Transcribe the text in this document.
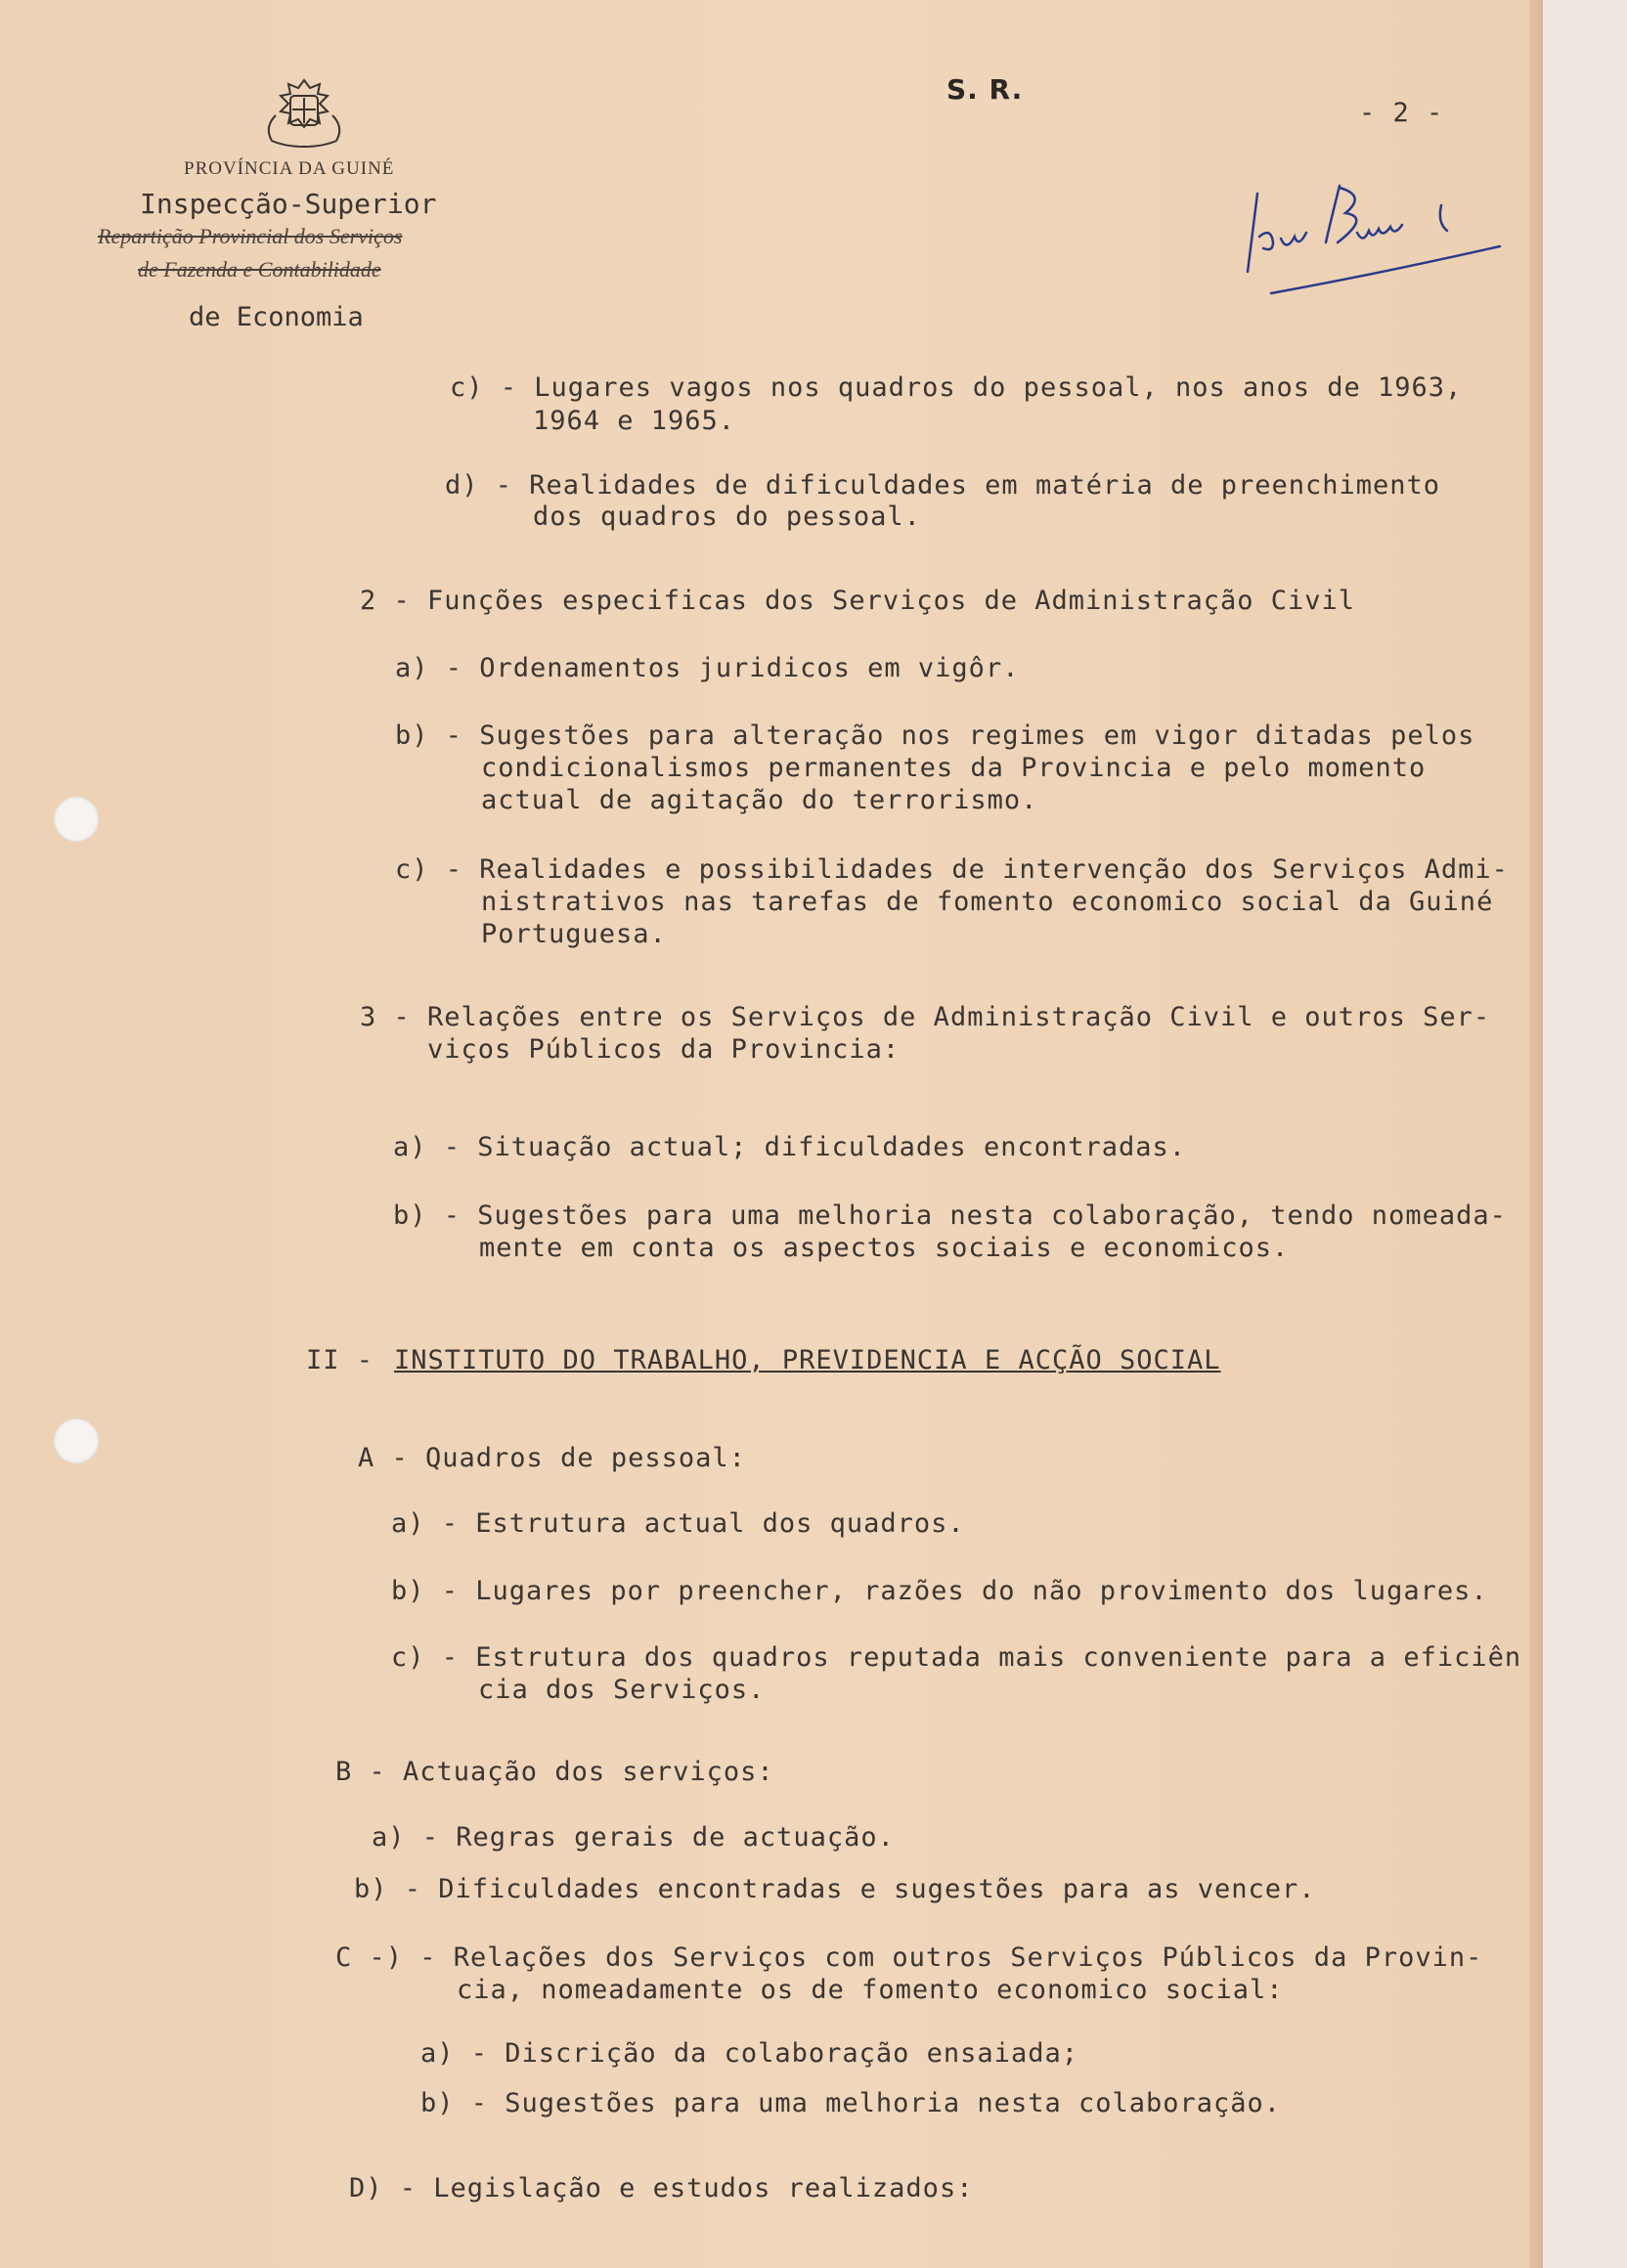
PROVÍNCIA DA GUINÉ
Inspecção-Superior
Repartição Provincial dos Serviços
de Fazenda e Contabilidade
de Economia
S. R.
- 2 -
c) - Lugares vagos nos quadros do pessoal, nos anos de 1963,
1964 e 1965.
d) - Realidades de dificuldades em matéria de preenchimento
dos quadros do pessoal.
2 - Funções especificas dos Serviços de Administração Civil
a) - Ordenamentos juridicos em vigôr.
b) - Sugestões para alteração nos regimes em vigor ditadas pelos
condicionalismos permanentes da Provincia e pelo momento
actual de agitação do terrorismo.
c) - Realidades e possibilidades de intervenção dos Serviços Admi-
nistrativos nas tarefas de fomento economico social da Guiné
Portuguesa.
3 - Relações entre os Serviços de Administração Civil e outros Ser-
viços Públicos da Provincia:
a) - Situação actual; dificuldades encontradas.
b) - Sugestões para uma melhoria nesta colaboração, tendo nomeada-
mente em conta os aspectos sociais e economicos.
II - INSTITUTO DO TRABALHO, PREVIDENCIA E ACÇÃO SOCIAL
A - Quadros de pessoal:
a) - Estrutura actual dos quadros.
b) - Lugares por preencher, razões do não provimento dos lugares.
c) - Estrutura dos quadros reputada mais conveniente para a eficiên
cia dos Serviços.
B - Actuação dos serviços:
a) - Regras gerais de actuação.
b) - Dificuldades encontradas e sugestões para as vencer.
C -) - Relações dos Serviços com outros Serviços Públicos da Provin-
cia, nomeadamente os de fomento economico social:
a) - Discrição da colaboração ensaiada;
b) - Sugestões para uma melhoria nesta colaboração.
D) - Legislação e estudos realizados:
